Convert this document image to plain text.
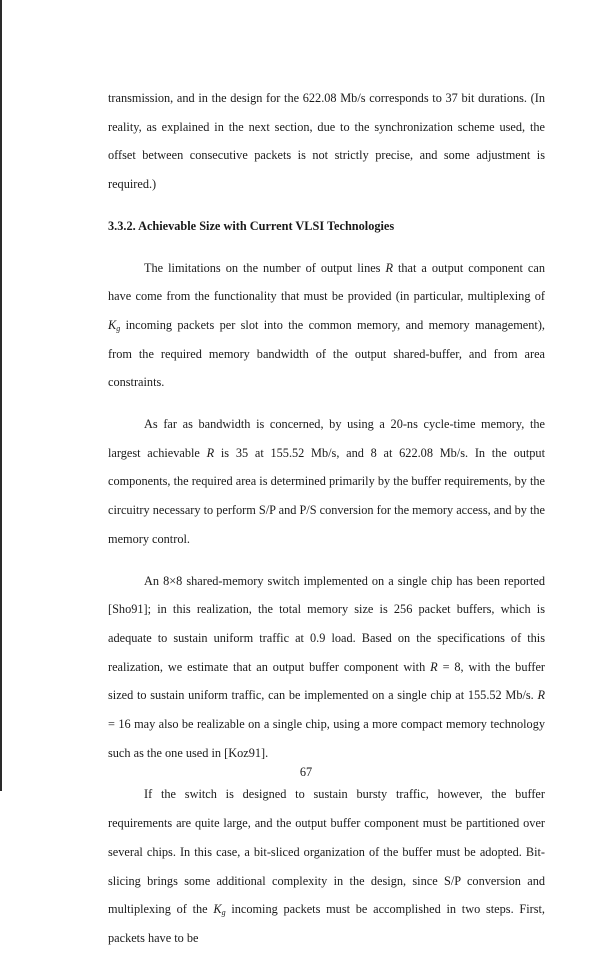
transmission, and in the design for the 622.08 Mb/s corresponds to 37 bit durations. (In reality, as explained in the next section, due to the synchronization scheme used, the offset between consecutive packets is not strictly precise, and some adjustment is required.)

3.3.2. Achievable Size with Current VLSI Technologies

The limitations on the number of output lines R that a output component can have come from the functionality that must be provided (in particular, multiplexing of $K_g$ incoming packets per slot into the common memory, and memory management), from the required memory bandwidth of the output shared-buffer, and from area constraints.

As far as bandwidth is concerned, by using a 20-ns cycle-time memory, the largest achievable R is 35 at 155.52 Mb/s, and 8 at 622.08 Mb/s. In the output components, the required area is determined primarily by the buffer requirements, by the circuitry necessary to perform S/P and P/S conversion for the memory access, and by the memory control.

An 8×8 shared-memory switch implemented on a single chip has been reported [Sho91]; in this realization, the total memory size is 256 packet buffers, which is adequate to sustain uniform traffic at 0.9 load. Based on the specifications of this realization, we estimate that an output buffer component with R = 8, with the buffer sized to sustain uniform traffic, can be implemented on a single chip at 155.52 Mb/s. R = 16 may also be realizable on a single chip, using a more compact memory technology such as the one used in [Koz91].

If the switch is designed to sustain bursty traffic, however, the buffer requirements are quite large, and the output buffer component must be partitioned over several chips. In this case, a bit-sliced organization of the buffer must be adopted. Bit-slicing brings some additional complexity in the design, since S/P conversion and multiplexing of the $K_g$ incoming packets must be accomplished in two steps. First, packets have to be

67
